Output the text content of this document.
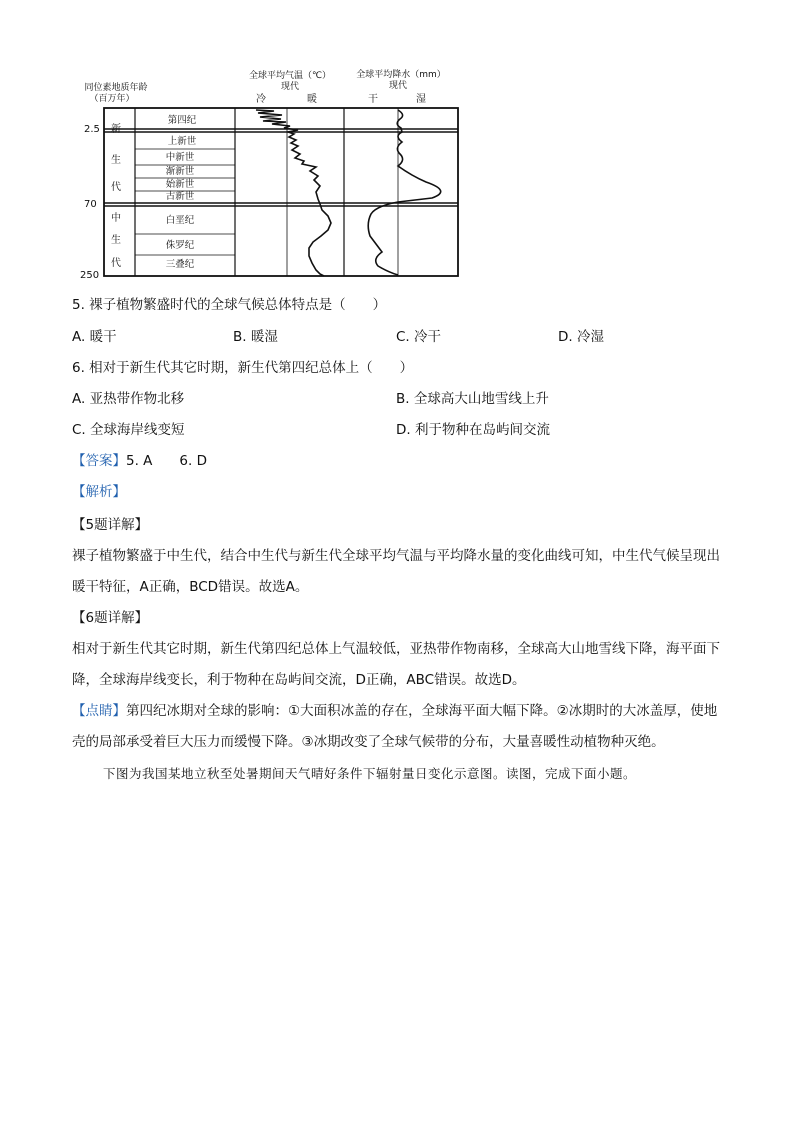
同位素地质年龄
（百万年）
全球平均气温（℃）
现代
冷	暖
全球平均降水（mm）
现代
干	湿
2.5
70
250
新
生
代
中
生
代
第四纪
上新世
中新世
渐新世
始新世
古新世
白垩纪
侏罗纪
三叠纪
5. 裸子植物繁盛时代的全球气候总体特点是（　　）
A. 暖干	B. 暖湿	C. 冷干	D. 冷湿
6. 相对于新生代其它时期，新生代第四纪总体上（　　）
A. 亚热带作物北移	B. 全球高大山地雪线上升
C. 全球海岸线变短	D. 利于物种在岛屿间交流
【答案】5. A　　6. D
【解析】
【5题详解】
裸子植物繁盛于中生代，结合中生代与新生代全球平均气温与平均降水量的变化曲线可知，中生代气候呈现出暖干特征，A正确，BCD错误。故选A。
【6题详解】
相对于新生代其它时期，新生代第四纪总体上气温较低，亚热带作物南移，全球高大山地雪线下降，海平面下降，全球海岸线变长，利于物种在岛屿间交流，D正确，ABC错误。故选D。
【点睛】第四纪冰期对全球的影响：①大面积冰盖的存在，全球海平面大幅下降。②冰期时的大冰盖厚，使地壳的局部承受着巨大压力而缓慢下降。③冰期改变了全球气候带的分布，大量喜暖性动植物种灭绝。
下图为我国某地立秋至处暑期间天气晴好条件下辐射量日变化示意图。读图，完成下面小题。
